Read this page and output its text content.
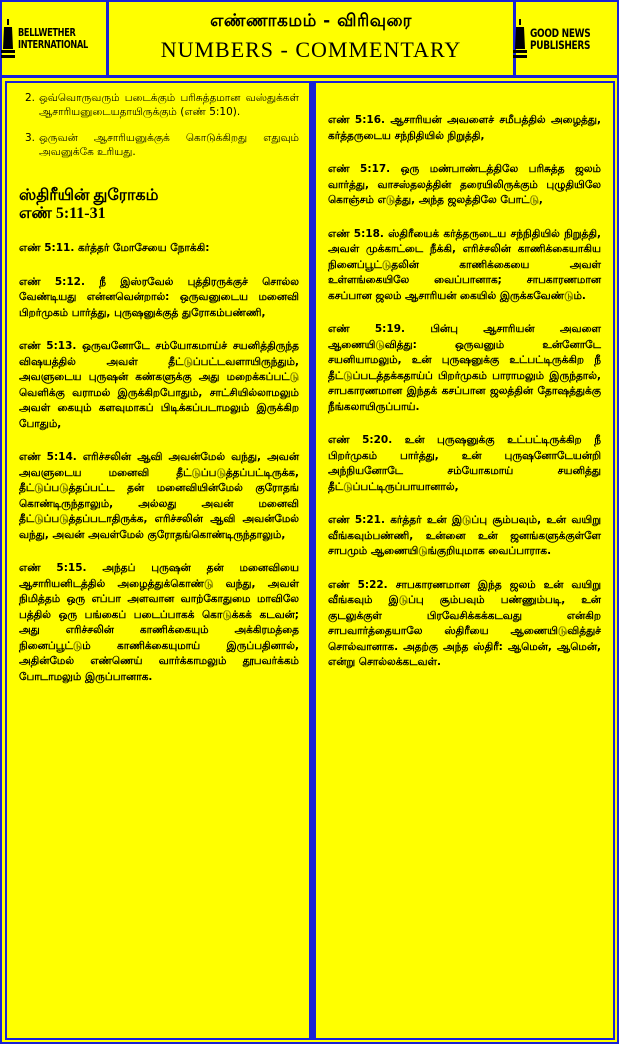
BELLWETHER
INTERNATIONAL
எண்ணாகமம் - விரிவுரை
NUMBERS - COMMENTARY
GOOD NEWS
PUBLISHERS
2. ஒவ்வொருவரும் படைக்கும் பரிசுத்தமான வஸ்துக்கள் ஆசாரியனுடையதாயிருக்கும் (எண் 5:10).
3. ஒருவன் ஆசாரியனுக்குக் கொடுக்கிறது எதுவும் அவனுக்கே உரியது.
ஸ்திரீயின் துரோகம்
எண் 5:11-31

எண் 5:11. கர்த்தர் மோசேயை நோக்கி:

எண் 5:12. நீ இஸ்ரவேல் புத்திரருக்குச் சொல்ல வேண்டியது என்னவென்றால்: ஒருவனுடைய மனைவி பிறர்முகம் பார்த்து, புருஷனுக்குத் துரோகம்பண்ணி,

எண் 5:13. ஒருவனோடே சம்யோகமாய்ச் சயனித்திருந்த விஷயத்தில் அவள் தீட்டுப்பட்டவளாயிருந்தும், அவளுடைய புருஷன் கண்களுக்கு அது மறைக்கப்பட்டு வெளிக்கு வராமல் இருக்கிறபோதும், சாட்சியில்லாமலும் அவள் கையும் களவுமாகப் பிடிக்கப்படாமலும் இருக்கிற போதும்,

எண் 5:14. எரிச்சலின் ஆவி அவன்மேல் வந்து, அவன் அவளுடைய மனைவி தீட்டுப்படுத்தப்பட்டிருக்க, தீட்டுப்படுத்தப்பட்ட தன் மனைவியின்மேல் குரோதங் கொண்டிருந்தாலும், அல்லது அவன் மனைவி தீட்டுப்படுத்தப்படாதிருக்க, எரிச்சலின் ஆவி அவன்மேல் வந்து, அவன் அவள்மேல் குரோதங்கொண்டிருந்தாலும்,

எண் 5:15. அந்தப் புருஷன் தன் மனைவியை ஆசாரியனிடத்தில் அழைத்துக்கொண்டு வந்து, அவள் நிமித்தம் ஒரு எப்பா அளவான வாற்கோதுமை மாவிலே பத்தில் ஒரு பங்கைப் படைப்பாகக் கொடுக்கக் கடவன்; அது எரிச்சலின் காணிக்கையும் அக்கிரமத்தை நினைப்பூட்டும் காணிக்கையுமாய் இருப்பதினால், அதின்மேல் எண்ணெய் வார்க்காமலும் தூபவர்க்கம் போடாமலும் இருப்பானாக.

எண் 5:16. ஆசாரியன் அவளைச் சமீபத்தில் அழைத்து, கர்த்தருடைய சந்நிதியில் நிறுத்தி,

எண் 5:17. ஒரு மண்பாண்டத்திலே பரிசுத்த ஜலம் வார்த்து, வாசஸ்தலத்தின் தரையிலிருக்கும் புழுதியிலே கொஞ்சம் எடுத்து, அந்த ஜலத்திலே போட்டு,

எண் 5:18. ஸ்திரீயைக் கர்த்தருடைய சந்நிதியில் நிறுத்தி, அவள் முக்காட்டை நீக்கி, எரிச்சலின் காணிக்கையாகிய நினைப்பூட்டுதலின் காணிக்கையை அவள் உள்ளங்கையிலே வைப்பானாக; சாபகாரணமான கசப்பான ஜலம் ஆசாரியன் கையில் இருக்கவேண்டும்.

எண் 5:19. பின்பு ஆசாரியன் அவளை ஆணையிடுவித்து: ஒருவனும் உன்னோடே சயனியாமலும், உன் புருஷனுக்கு உட்பட்டிருக்கிற நீ தீட்டுப்படத்தக்கதாய்ப் பிறர்முகம் பாராமலும் இருந்தால், சாபகாரணமான இந்தக் கசப்பான ஜலத்தின் தோஷத்துக்கு நீங்கலாயிருப்பாய்.

எண் 5:20. உன் புருஷனுக்கு உட்பட்டிருக்கிற நீ பிறர்முகம் பார்த்து, உன் புருஷனோடேயன்றி அந்நியனோடே சம்யோகமாய் சயனித்து தீட்டுப்பட்டிருப்பாயானால்,

எண் 5:21. கர்த்தர் உன் இடுப்பு சூம்பவும், உன் வயிறு வீங்கவும்பண்ணி, உன்னை உன் ஜனங்களுக்குள்ளே சாபமும் ஆணையிடுங்குறியுமாக வைப்பாராக.

எண் 5:22. சாபகாரணமான இந்த ஜலம் உன் வயிறு வீங்கவும் இடுப்பு சூம்பவும் பண்ணும்படி, உன் குடலுக்குள் பிரவேசிக்கக்கடவது என்கிற சாபவார்த்தையாலே ஸ்திரீயை ஆணையிடுவித்துச் சொல்வானாக. அதற்கு அந்த ஸ்திரீ: ஆமென், ஆமென், என்று சொல்லக்கடவள்.
